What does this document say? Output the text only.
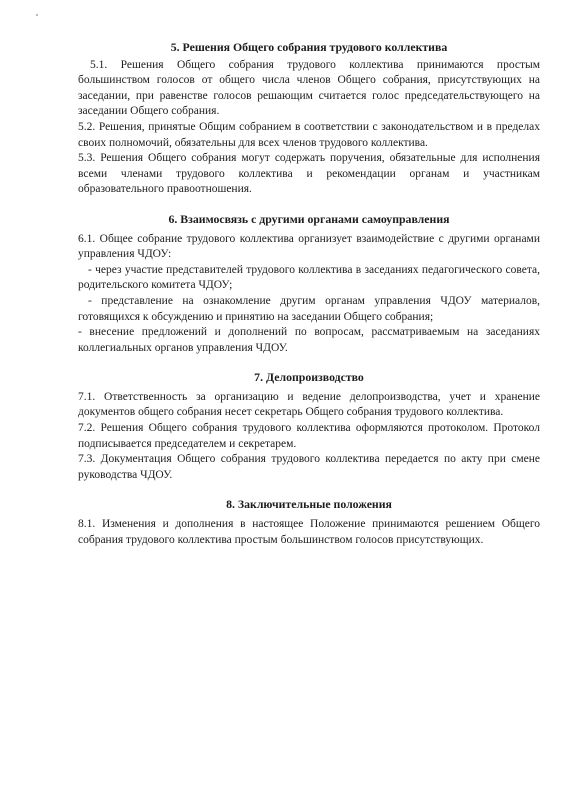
5. Решения Общего собрания трудового коллектива

5.1. Решения Общего собрания трудового коллектива принимаются простым большинством голосов от общего числа членов Общего собрания, присутствующих на заседании, при равенстве голосов решающим считается голос председательствующего на заседании Общего собрания.

5.2. Решения, принятые Общим собранием в соответствии с законодательством и в пределах своих полномочий, обязательны для всех членов трудового коллектива.

5.3. Решения Общего собрания могут содержать поручения, обязательные для исполнения всеми членами трудового коллектива и рекомендации органам и участникам образовательного правоотношения.

6. Взаимосвязь с другими органами самоуправления

6.1. Общее собрание трудового коллектива организует взаимодействие с другими органами управления ЧДОУ:

- через участие представителей трудового коллектива в заседаниях педагогического совета, родительского комитета ЧДОУ;

- представление на ознакомление другим органам управления ЧДОУ материалов, готовящихся к обсуждению и принятию на заседании Общего собрания;

- внесение предложений и дополнений по вопросам, рассматриваемым на заседаниях коллегиальных органов управления ЧДОУ.

7. Делопроизводство

7.1. Ответственность за организацию и ведение делопроизводства, учет и хранение документов общего собрания несет секретарь Общего собрания трудового коллектива.

7.2. Решения Общего собрания трудового коллектива оформляются протоколом. Протокол подписывается председателем и секретарем.

7.3. Документация Общего собрания трудового коллектива передается по акту при смене руководства ЧДОУ.

8. Заключительные положения

8.1. Изменения и дополнения в настоящее Положение принимаются решением Общего собрания трудового коллектива простым большинством голосов присутствующих.
